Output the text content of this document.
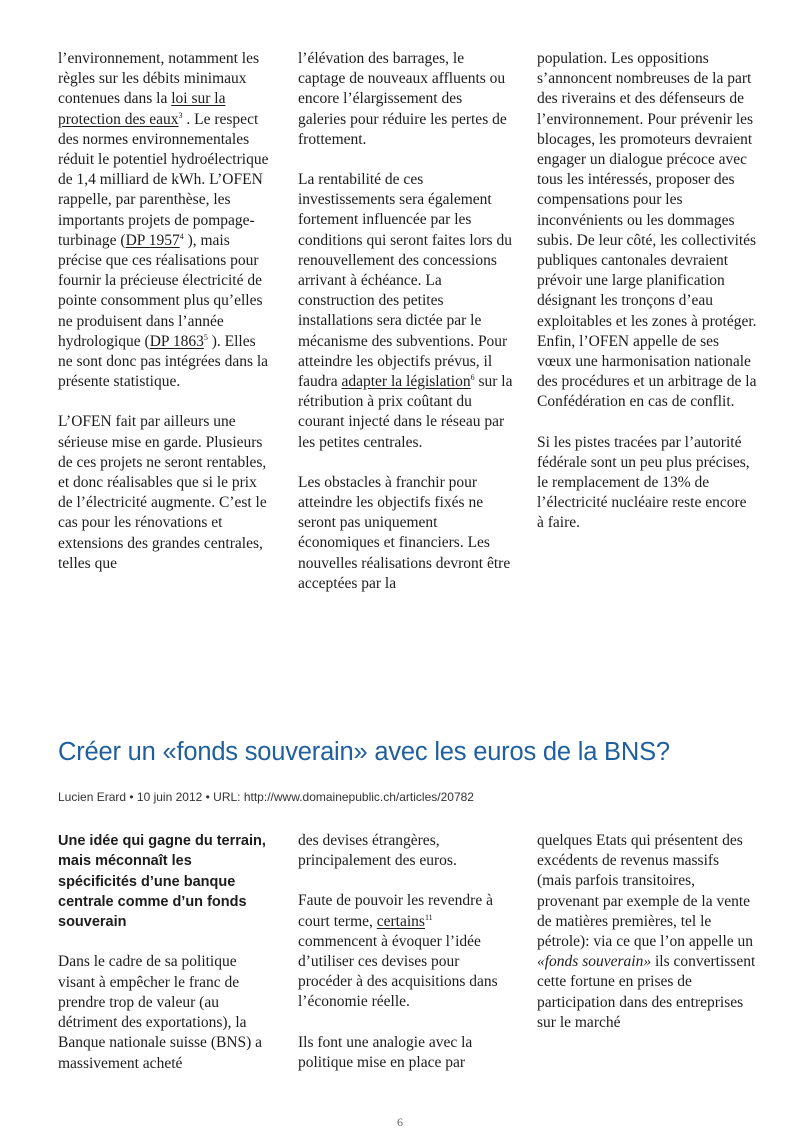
l’environnement, notamment les règles sur les débits minimaux contenues dans la loi sur la protection des eaux$^3$ . Le respect des normes environnementales réduit le potentiel hydroélectrique de 1,4 milliard de kWh. L’OFEN rappelle, par parenthèse, les importants projets de pompage-turbinage (DP 1957$^4$ ), mais précise que ces réalisations pour fournir la précieuse électricité de pointe consomment plus qu’elles ne produisent dans l’année hydrologique (DP 1863$^5$ ). Elles ne sont donc pas intégrées dans la présente statistique.

L’OFEN fait par ailleurs une sérieuse mise en garde. Plusieurs de ces projets ne seront rentables, et donc réalisables que si le prix de l’électricité augmente. C’est le cas pour les rénovations et extensions des grandes centrales, telles que

l’élévation des barrages, le captage de nouveaux affluents ou encore l’élargissement des galeries pour réduire les pertes de frottement.

La rentabilité de ces investissements sera également fortement influencée par les conditions qui seront faites lors du renouvellement des concessions arrivant à échéance. La construction des petites installations sera dictée par le mécanisme des subventions. Pour atteindre les objectifs prévus, il faudra adapter la législation$^6$ sur la rétribution à prix coûtant du courant injecté dans le réseau par les petites centrales.

Les obstacles à franchir pour atteindre les objectifs fixés ne seront pas uniquement économiques et financiers. Les nouvelles réalisations devront être acceptées par la

population. Les oppositions s’annoncent nombreuses de la part des riverains et des défenseurs de l’environnement. Pour prévenir les blocages, les promoteurs devraient engager un dialogue précoce avec tous les intéressés, proposer des compensations pour les inconvénients ou les dommages subis. De leur côté, les collectivités publiques cantonales devraient prévoir une large planification désignant les tronçons d’eau exploitables et les zones à protéger. Enfin, l’OFEN appelle de ses vœux une harmonisation nationale des procédures et un arbitrage de la Confédération en cas de conflit.

Si les pistes tracées par l’autorité fédérale sont un peu plus précises, le remplacement de 13% de l’électricité nucléaire reste encore à faire.

Créer un «fonds souverain» avec les euros de la BNS?
Lucien Erard • 10 juin 2012 • URL: http://www.domainepublic.ch/articles/20782

Une idée qui gagne du terrain, mais méconnaît les spécificités d’une banque centrale comme d’un fonds souverain

Dans le cadre de sa politique visant à empêcher le franc de prendre trop de valeur (au détriment des exportations), la Banque nationale suisse (BNS) a massivement acheté

des devises étrangères, principalement des euros.

Faute de pouvoir les revendre à court terme, certains$^{11}$ commencent à évoquer l’idée d’utiliser ces devises pour procéder à des acquisitions dans l’économie réelle.

Ils font une analogie avec la politique mise en place par

quelques Etats qui présentent des excédents de revenus massifs (mais parfois transitoires, provenant par exemple de la vente de matières premières, tel le pétrole): via ce que l’on appelle un «fonds souverain» ils convertissent cette fortune en prises de participation dans des entreprises sur le marché

6
